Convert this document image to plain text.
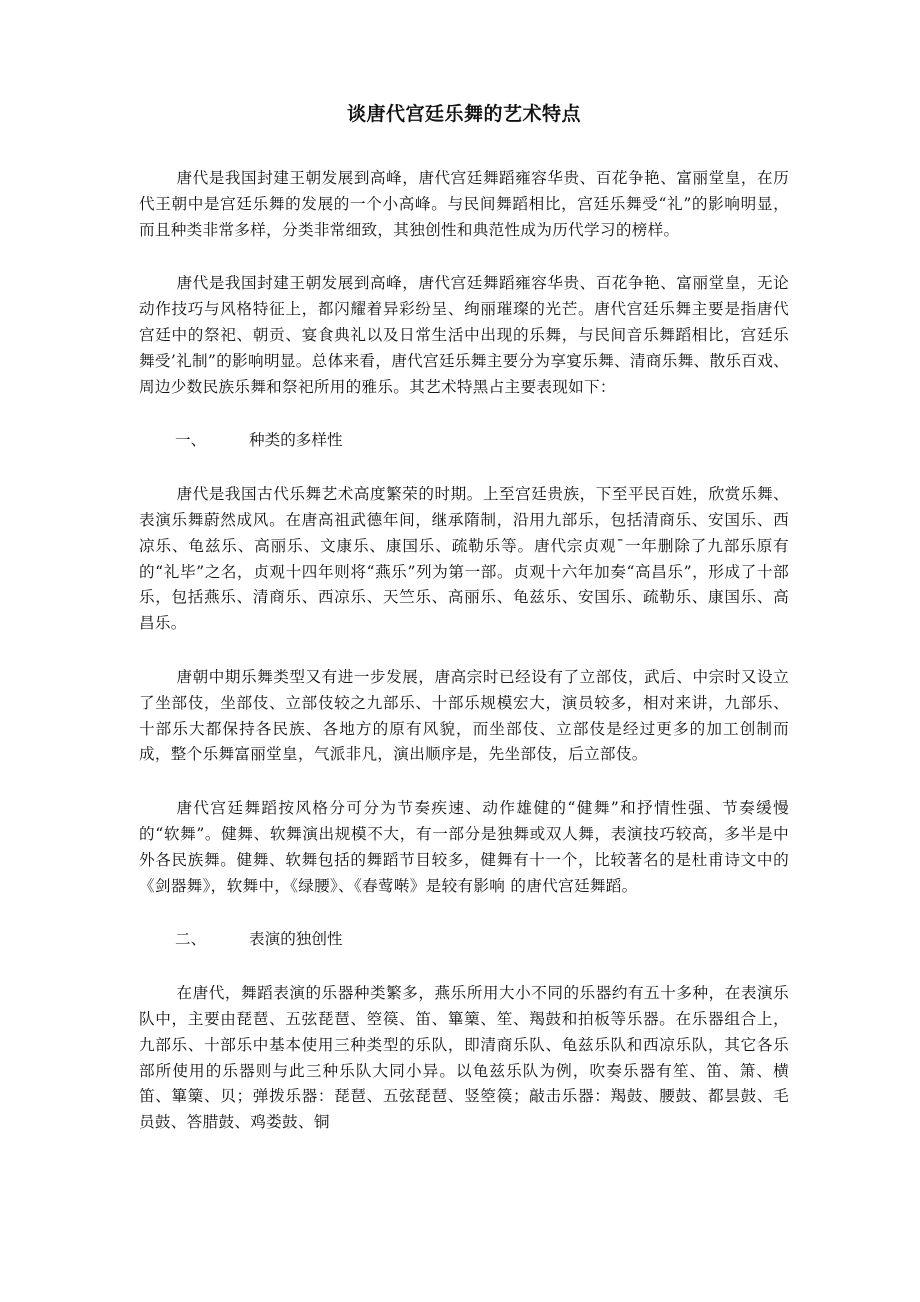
谈唐代宫廷乐舞的艺术特点

唐代是我国封建王朝发展到高峰，唐代宫廷舞蹈雍容华贵、百花争艳、富丽堂皇，在历代王朝中是宫廷乐舞的发展的一个小高峰。与民间舞蹈相比，宫廷乐舞受“礼”的影响明显，而且种类非常多样，分类非常细致，其独创性和典范性成为历代学习的榜样。

唐代是我国封建王朝发展到高峰，唐代宫廷舞蹈雍容华贵、百花争艳、富丽堂皇，无论动作技巧与风格特征上，都闪耀着异彩纷呈、绚丽璀璨的光芒。唐代宫廷乐舞主要是指唐代宫廷中的祭祀、朝贡、宴食典礼以及日常生活中出现的乐舞，与民间音乐舞蹈相比，宫廷乐舞受’礼制”的影响明显。总体来看，唐代宫廷乐舞主要分为享宴乐舞、清商乐舞、散乐百戏、周边少数民族乐舞和祭祀所用的雅乐。其艺术特黑占主要表现如下：

一、	种类的多样性

唐代是我国古代乐舞艺术高度繁荣的时期。上至宫廷贵族，下至平民百姓，欣赏乐舞、表演乐舞蔚然成风。在唐高祖武德年间，继承隋制，沿用九部乐，包括清商乐、安国乐、西凉乐、龟兹乐、高丽乐、文康乐、康国乐、疏勒乐等。唐代宗贞观ˉ一年删除了九部乐原有的“礼毕”之名，贞观十四年则将“燕乐”列为第一部。贞观十六年加奏“高昌乐”，形成了十部乐，包括燕乐、清商乐、西凉乐、天竺乐、高丽乐、龟兹乐、安国乐、疏勒乐、康国乐、高昌乐。

唐朝中期乐舞类型又有进一步发展，唐高宗时已经设有了立部伎，武后、中宗时又设立了坐部伎，坐部伎、立部伎较之九部乐、十部乐规模宏大，演员较多，相对来讲，九部乐、十部乐大都保持各民族、各地方的原有风貌，而坐部伎、立部伎是经过更多的加工创制而成，整个乐舞富丽堂皇，气派非凡，演出顺序是，先坐部伎，后立部伎。

唐代宫廷舞蹈按风格分可分为节奏疾速、动作雄健的“健舞”和抒情性强、节奏缓慢的“软舞”。健舞、软舞演出规模不大，有一部分是独舞或双人舞，表演技巧较高，多半是中外各民族舞。健舞、软舞包括的舞蹈节目较多，健舞有十一个，比较著名的是杜甫诗文中的《剑器舞》，软舞中，《绿腰》、《春莺啭》是较有影响 的唐代宫廷舞蹈。

二、	表演的独创性

在唐代，舞蹈表演的乐器种类繁多，燕乐所用大小不同的乐器约有五十多种，在表演乐队中，主要由琵琶、五弦琵琶、箜篌、笛、篳篥、笙、羯鼓和拍板等乐器。在乐器组合上，九部乐、十部乐中基本使用三种类型的乐队，即清商乐队、龟兹乐队和西凉乐队，其它各乐部所使用的乐器则与此三种乐队大同小异。以龟兹乐队为例，吹奏乐器有笙、笛、箫、横笛、篳篥、贝；弹拨乐器：琵琶、五弦琵琶、竖箜篌；敲击乐器：羯鼓、腰鼓、都昙鼓、毛员鼓、答腊鼓、鸡娄鼓、铜
